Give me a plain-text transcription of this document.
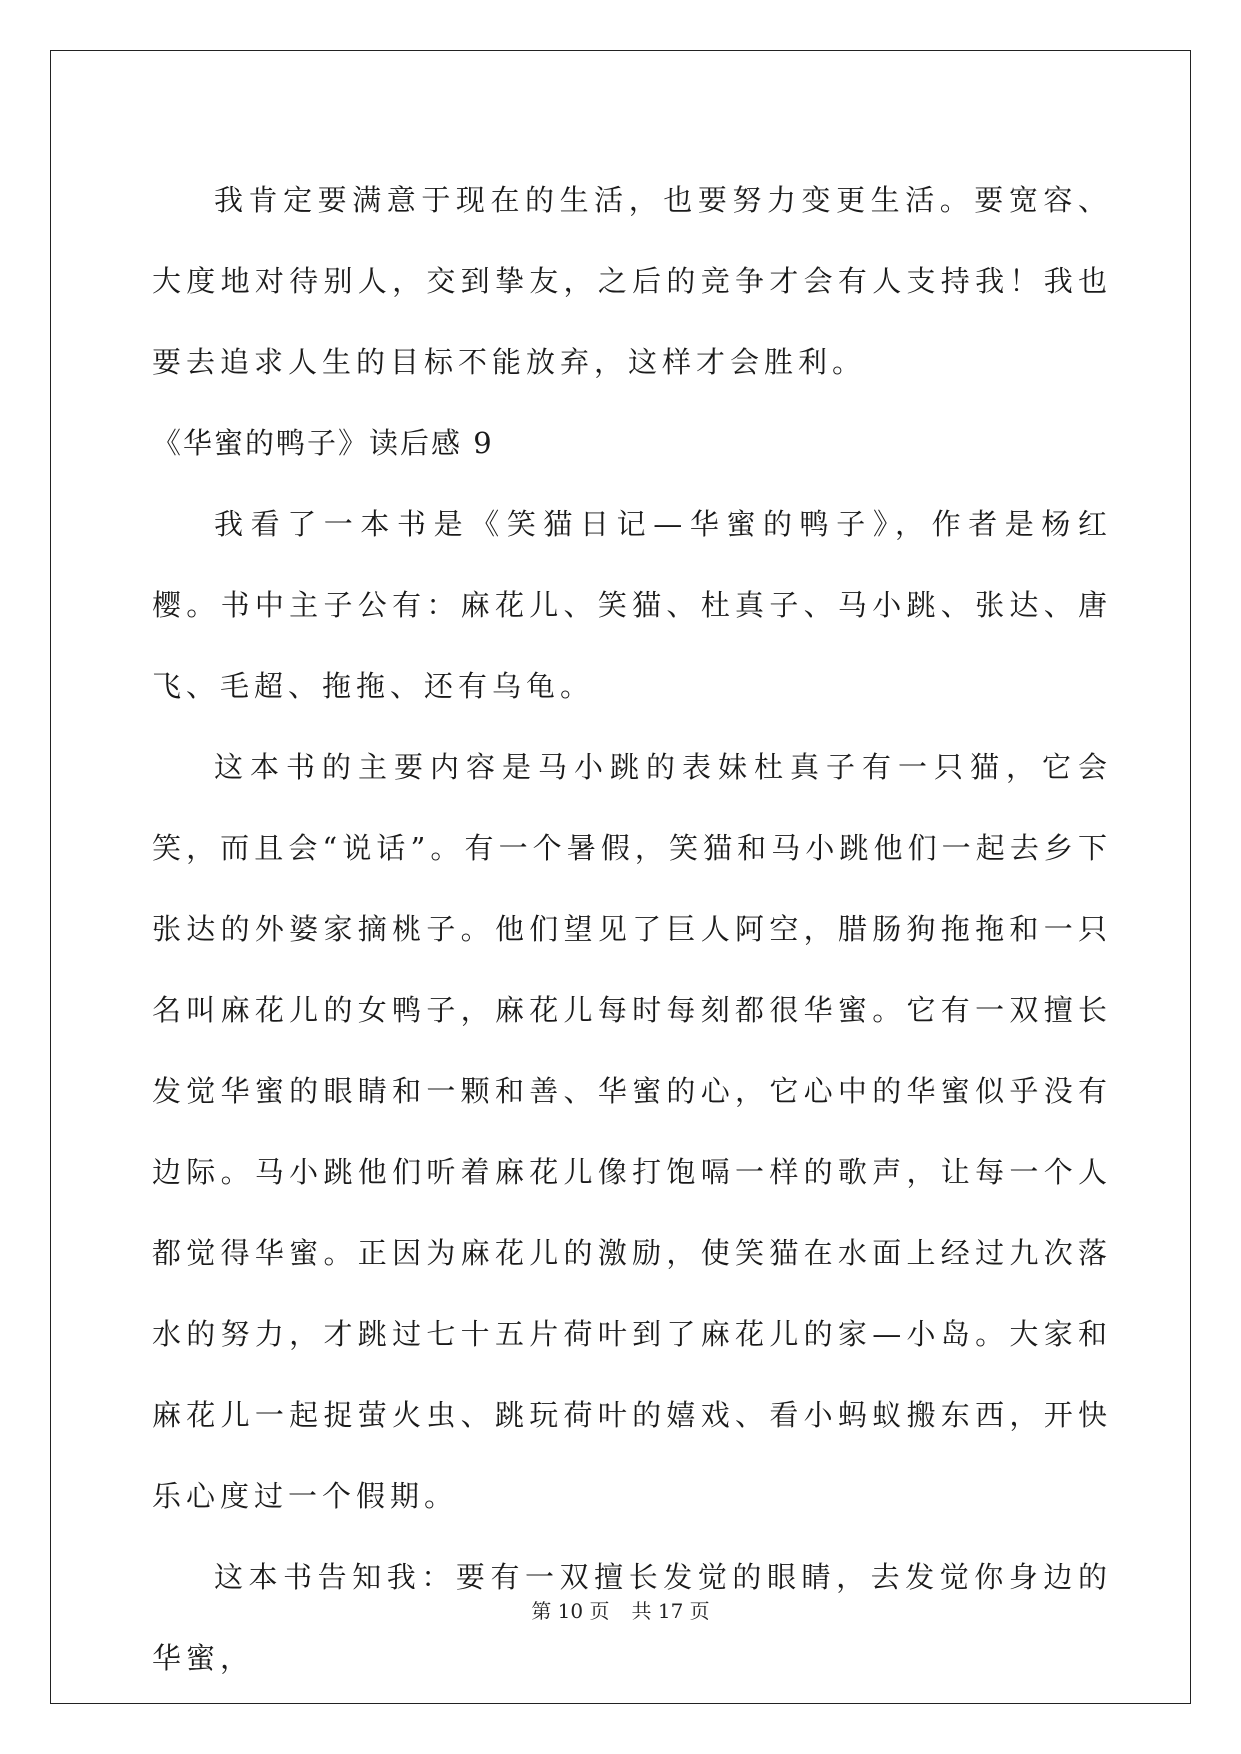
我肯定要满意于现在的生活，也要努力变更生活。要宽容、大度地对待别人，交到挚友，之后的竞争才会有人支持我！我也要去追求人生的目标不能放弃，这样才会胜利。

《华蜜的鸭子》读后感 9

我看了一本书是《笑猫日记—华蜜的鸭子》，作者是杨红樱。书中主子公有：麻花儿、笑猫、杜真子、马小跳、张达、唐飞、毛超、拖拖、还有乌龟。

这本书的主要内容是马小跳的表妹杜真子有一只猫，它会笑，而且会“说话”。有一个暑假，笑猫和马小跳他们一起去乡下张达的外婆家摘桃子。他们望见了巨人阿空，腊肠狗拖拖和一只名叫麻花儿的女鸭子，麻花儿每时每刻都很华蜜。它有一双擅长发觉华蜜的眼睛和一颗和善、华蜜的心，它心中的华蜜似乎没有边际。马小跳他们听着麻花儿像打饱嗝一样的歌声，让每一个人都觉得华蜜。正因为麻花儿的激励，使笑猫在水面上经过九次落水的努力，才跳过七十五片荷叶到了麻花儿的家—小岛。大家和麻花儿一起捉萤火虫、跳玩荷叶的嬉戏、看小蚂蚁搬东西，开快乐心度过一个假期。

这本书告知我：要有一双擅长发觉的眼睛，去发觉你身边的华蜜，

第 10 页 共 17 页
